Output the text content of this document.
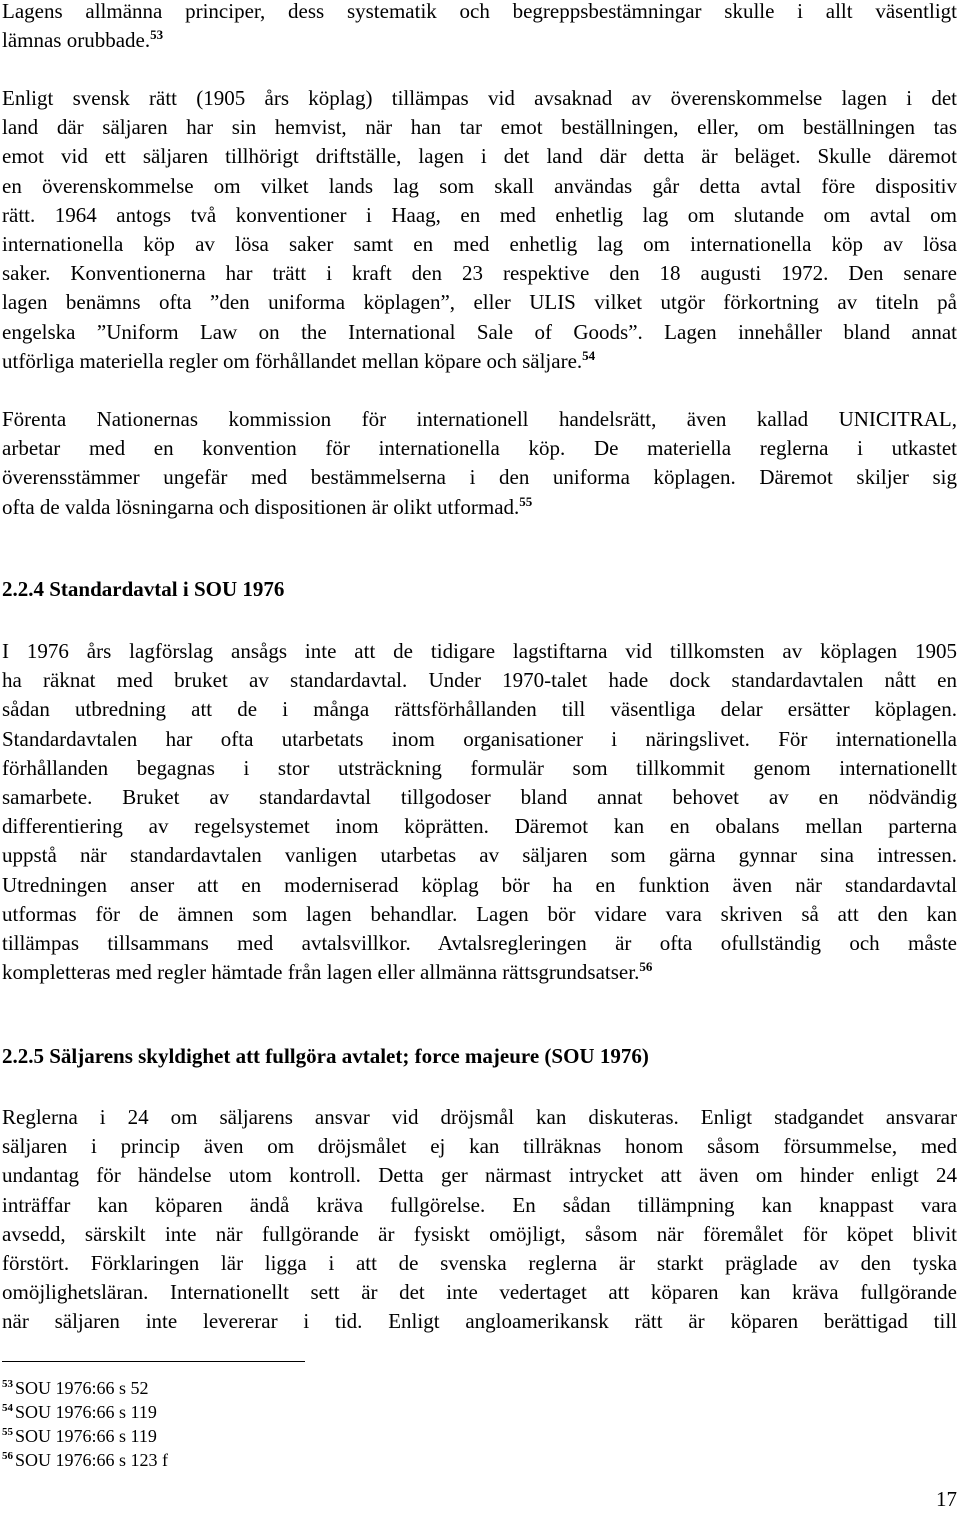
Lagens allmänna principer, dess systematik och begreppsbestämningar skulle i allt väsentligt
lämnas orubbade.$^{53}$
Enligt svensk rätt (1905 års köplag) tillämpas vid avsaknad av överenskommelse lagen i det
land där säljaren har sin hemvist, när han tar emot beställningen, eller, om beställningen tas
emot vid ett säljaren tillhörigt driftställe, lagen i det land där detta är beläget. Skulle däremot
en överenskommelse om vilket lands lag som skall användas går detta avtal före dispositiv
rätt. 1964 antogs två konventioner i Haag, en med enhetlig lag om slutande om avtal om
internationella köp av lösa saker samt en med enhetlig lag om internationella köp av lösa
saker. Konventionerna har trätt i kraft den 23 respektive den 18 augusti 1972. Den senare
lagen benämns ofta ”den uniforma köplagen”, eller ULIS vilket utgör förkortning av titeln på
engelska ”Uniform Law on the International Sale of Goods”. Lagen innehåller bland annat
utförliga materiella regler om förhållandet mellan köpare och säljare.$^{54}$
Förenta Nationernas kommission för internationell handelsrätt, även kallad UNICITRAL,
arbetar med en konvention för internationella köp. De materiella reglerna i utkastet
överensstämmer ungefär med bestämmelserna i den uniforma köplagen. Däremot skiljer sig
ofta de valda lösningarna och dispositionen är olikt utformad.$^{55}$
2.2.4 Standardavtal i SOU 1976
I 1976 års lagförslag ansågs inte att de tidigare lagstiftarna vid tillkomsten av köplagen 1905
ha räknat med bruket av standardavtal. Under 1970-talet hade dock standardavtalen nått en
sådan utbredning att de i många rättsförhållanden till väsentliga delar ersätter köplagen.
Standardavtalen har ofta utarbetats inom organisationer i näringslivet. För internationella
förhållanden begagnas i stor utsträckning formulär som tillkommit genom internationellt
samarbete. Bruket av standardavtal tillgodoser bland annat behovet av en nödvändig
differentiering av regelsystemet inom köprätten. Däremot kan en obalans mellan parterna
uppstå när standardavtalen vanligen utarbetas av säljaren som gärna gynnar sina intressen.
Utredningen anser att en moderniserad köplag bör ha en funktion även när standardavtal
utformas för de ämnen som lagen behandlar. Lagen bör vidare vara skriven så att den kan
tillämpas tillsammans med avtalsvillkor. Avtalsregleringen är ofta ofullständig och måste
kompletteras med regler hämtade från lagen eller allmänna rättsgrundsatser.$^{56}$
2.2.5 Säljarens skyldighet att fullgöra avtalet; force majeure (SOU 1976)
Reglerna i 24 om säljarens ansvar vid dröjsmål kan diskuteras. Enligt stadgandet ansvarar
säljaren i princip även om dröjsmålet ej kan tillräknas honom såsom försummelse, med
undantag för händelse utom kontroll. Detta ger närmast intrycket att även om hinder enligt 24
inträffar kan köparen ändå kräva fullgörelse. En sådan tillämpning kan knappast vara
avsedd, särskilt inte när fullgörande är fysiskt omöjligt, såsom när föremålet för köpet blivit
förstört. Förklaringen lär ligga i att de svenska reglerna är starkt präglade av den tyska
omöjlighetsläran. Internationellt sett är det inte vedertaget att köparen kan kräva fullgörande
när säljaren inte levererar i tid. Enligt angloamerikansk rätt är köparen berättigad till
$^{53}$ SOU 1976:66 s 52
$^{54}$ SOU 1976:66 s 119
$^{55}$ SOU 1976:66 s 119
$^{56}$ SOU 1976:66 s 123 f
17
